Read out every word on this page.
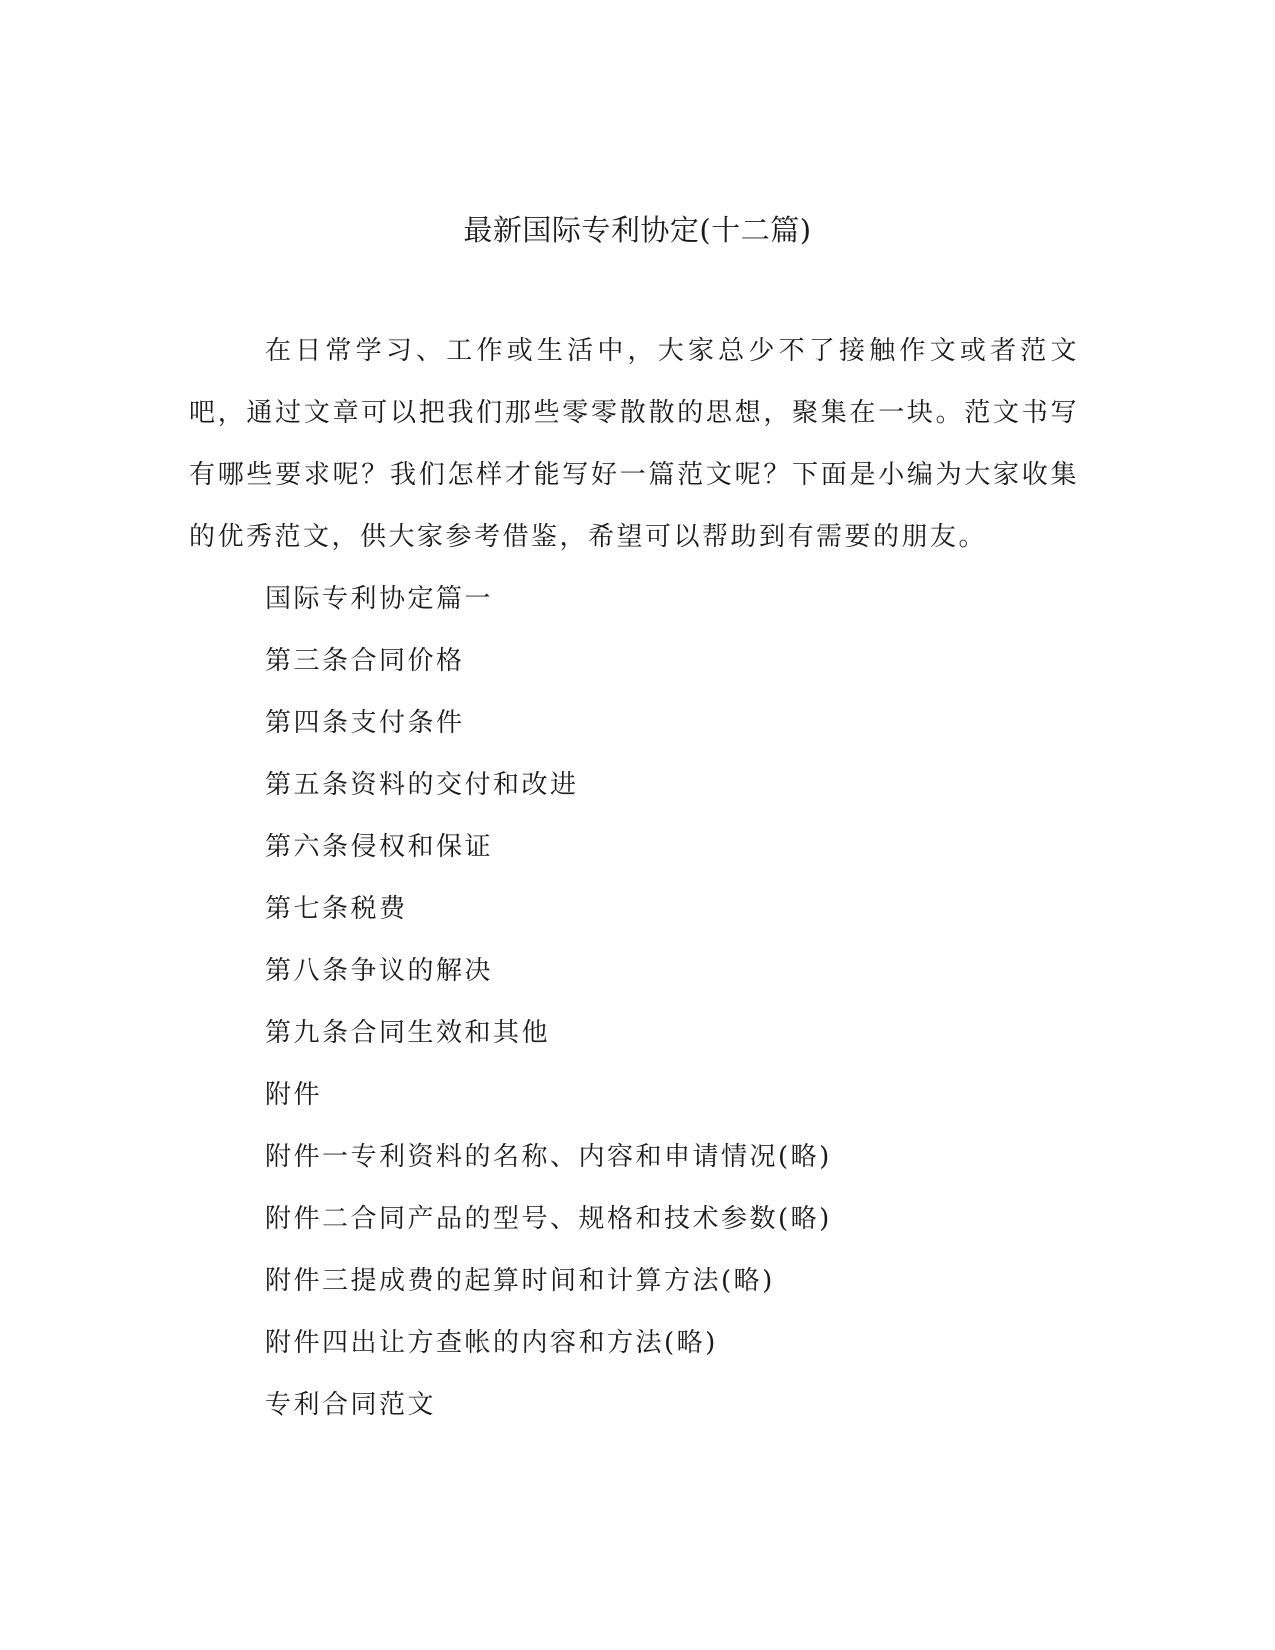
最新国际专利协定(十二篇)

在日常学习、工作或生活中，大家总少不了接触作文或者范文吧，通过文章可以把我们那些零零散散的思想，聚集在一块。范文书写有哪些要求呢？我们怎样才能写好一篇范文呢？下面是小编为大家收集的优秀范文，供大家参考借鉴，希望可以帮助到有需要的朋友。

国际专利协定篇一

第三条合同价格

第四条支付条件

第五条资料的交付和改进

第六条侵权和保证

第七条税费

第八条争议的解决

第九条合同生效和其他

附件

附件一专利资料的名称、内容和申请情况(略)

附件二合同产品的型号、规格和技术参数(略)

附件三提成费的起算时间和计算方法(略)

附件四出让方查帐的内容和方法(略)

专利合同范文
